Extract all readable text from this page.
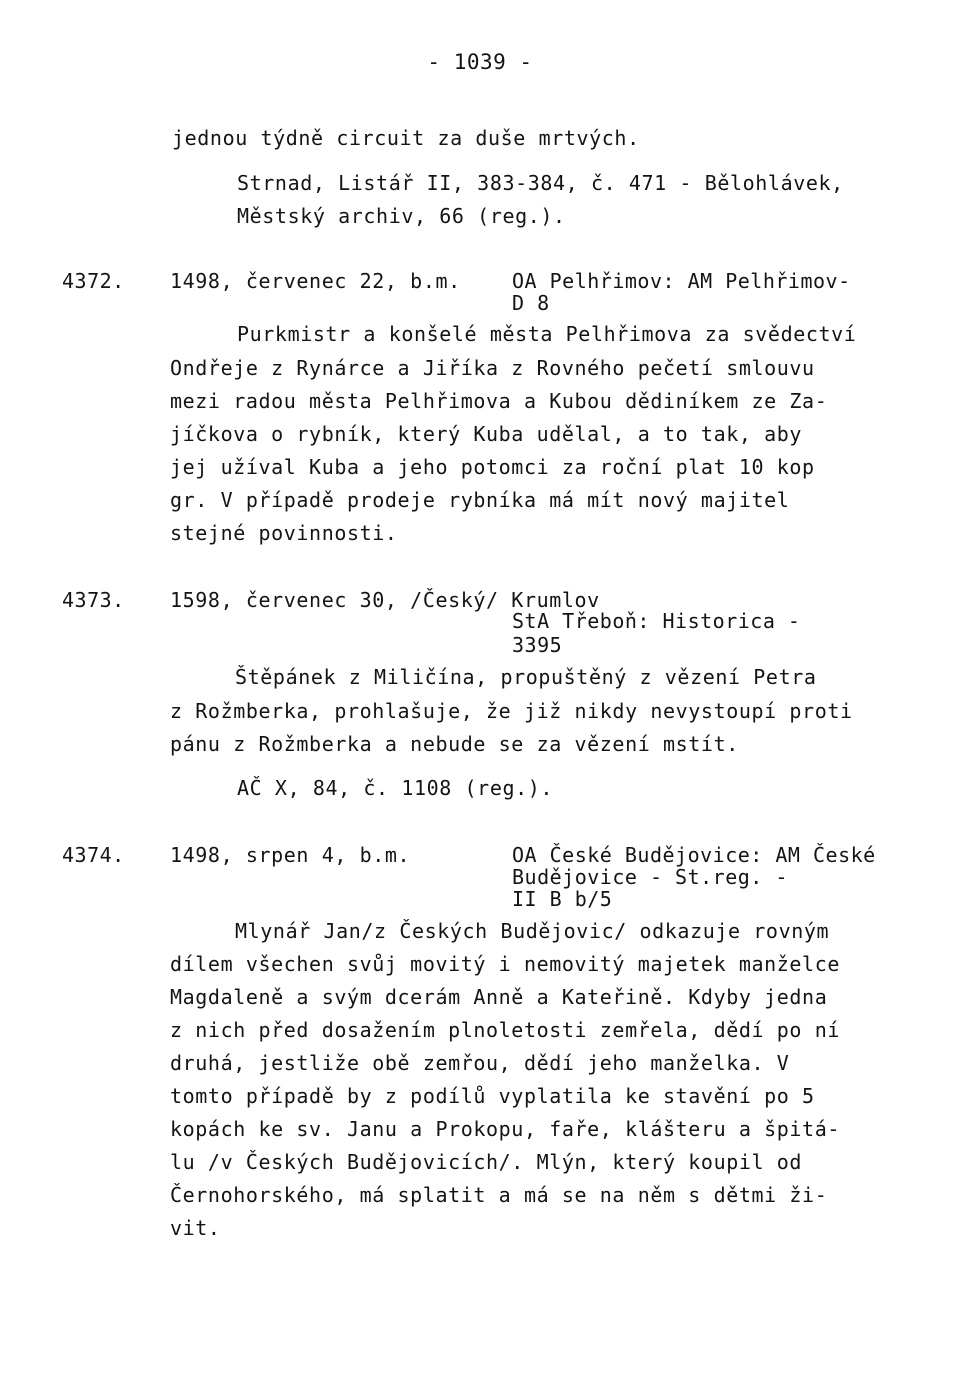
- 1039 -
jednou týdně circuit za duše mrtvých.
Strnad, Listář II, 383-384, č. 471 - Bělohlávek,
Městský archiv, 66 (reg.).
4372. 1498, červenec 22, b.m.	OA Pelhřimov: AM Pelhřimov-
D 8
Purkmistr a konšelé města Pelhřimova za svědectví
Ondřeje z Rynárce a Jiříka z Rovného pečetí smlouvu
mezi radou města Pelhřimova a Kubou dědiníkem ze Za-
jíčkova o rybník, který Kuba udělal, a to tak, aby
jej užíval Kuba a jeho potomci za roční plat 10 kop
gr. V případě prodeje rybníka má mít nový majitel
stejné povinnosti.
4373. 1598, červenec 30, /Český/ Krumlov
StA Třeboň: Historica -
3395
Štěpánek z Miličína, propuštěný z vězení Petra
z Rožmberka, prohlašuje, že již nikdy nevystoupí proti
pánu z Rožmberka a nebude se za vězení mstít.
AČ X, 84, č. 1108 (reg.).
4374. 1498, srpen 4, b.m.	OA České Budějovice: AM České
Budějovice - St.reg. -
II B b/5
Mlynář Jan/z Českých Budějovic/ odkazuje rovným
dílem všechen svůj movitý i nemovitý majetek manželce
Magdaleně a svým dcerám Anně a Kateřině. Kdyby jedna
z nich před dosažením plnoletosti zemřela, dědí po ní
druhá, jestliže obě zemřou, dědí jeho manželka. V
tomto případě by z podílů vyplatila ke stavění po 5
kopách ke sv. Janu a Prokopu, faře, klášteru a špitá-
lu /v Českých Budějovicích/. Mlýn, který koupil od
Černohorského, má splatit a má se na něm s dětmi ži-
vit.
